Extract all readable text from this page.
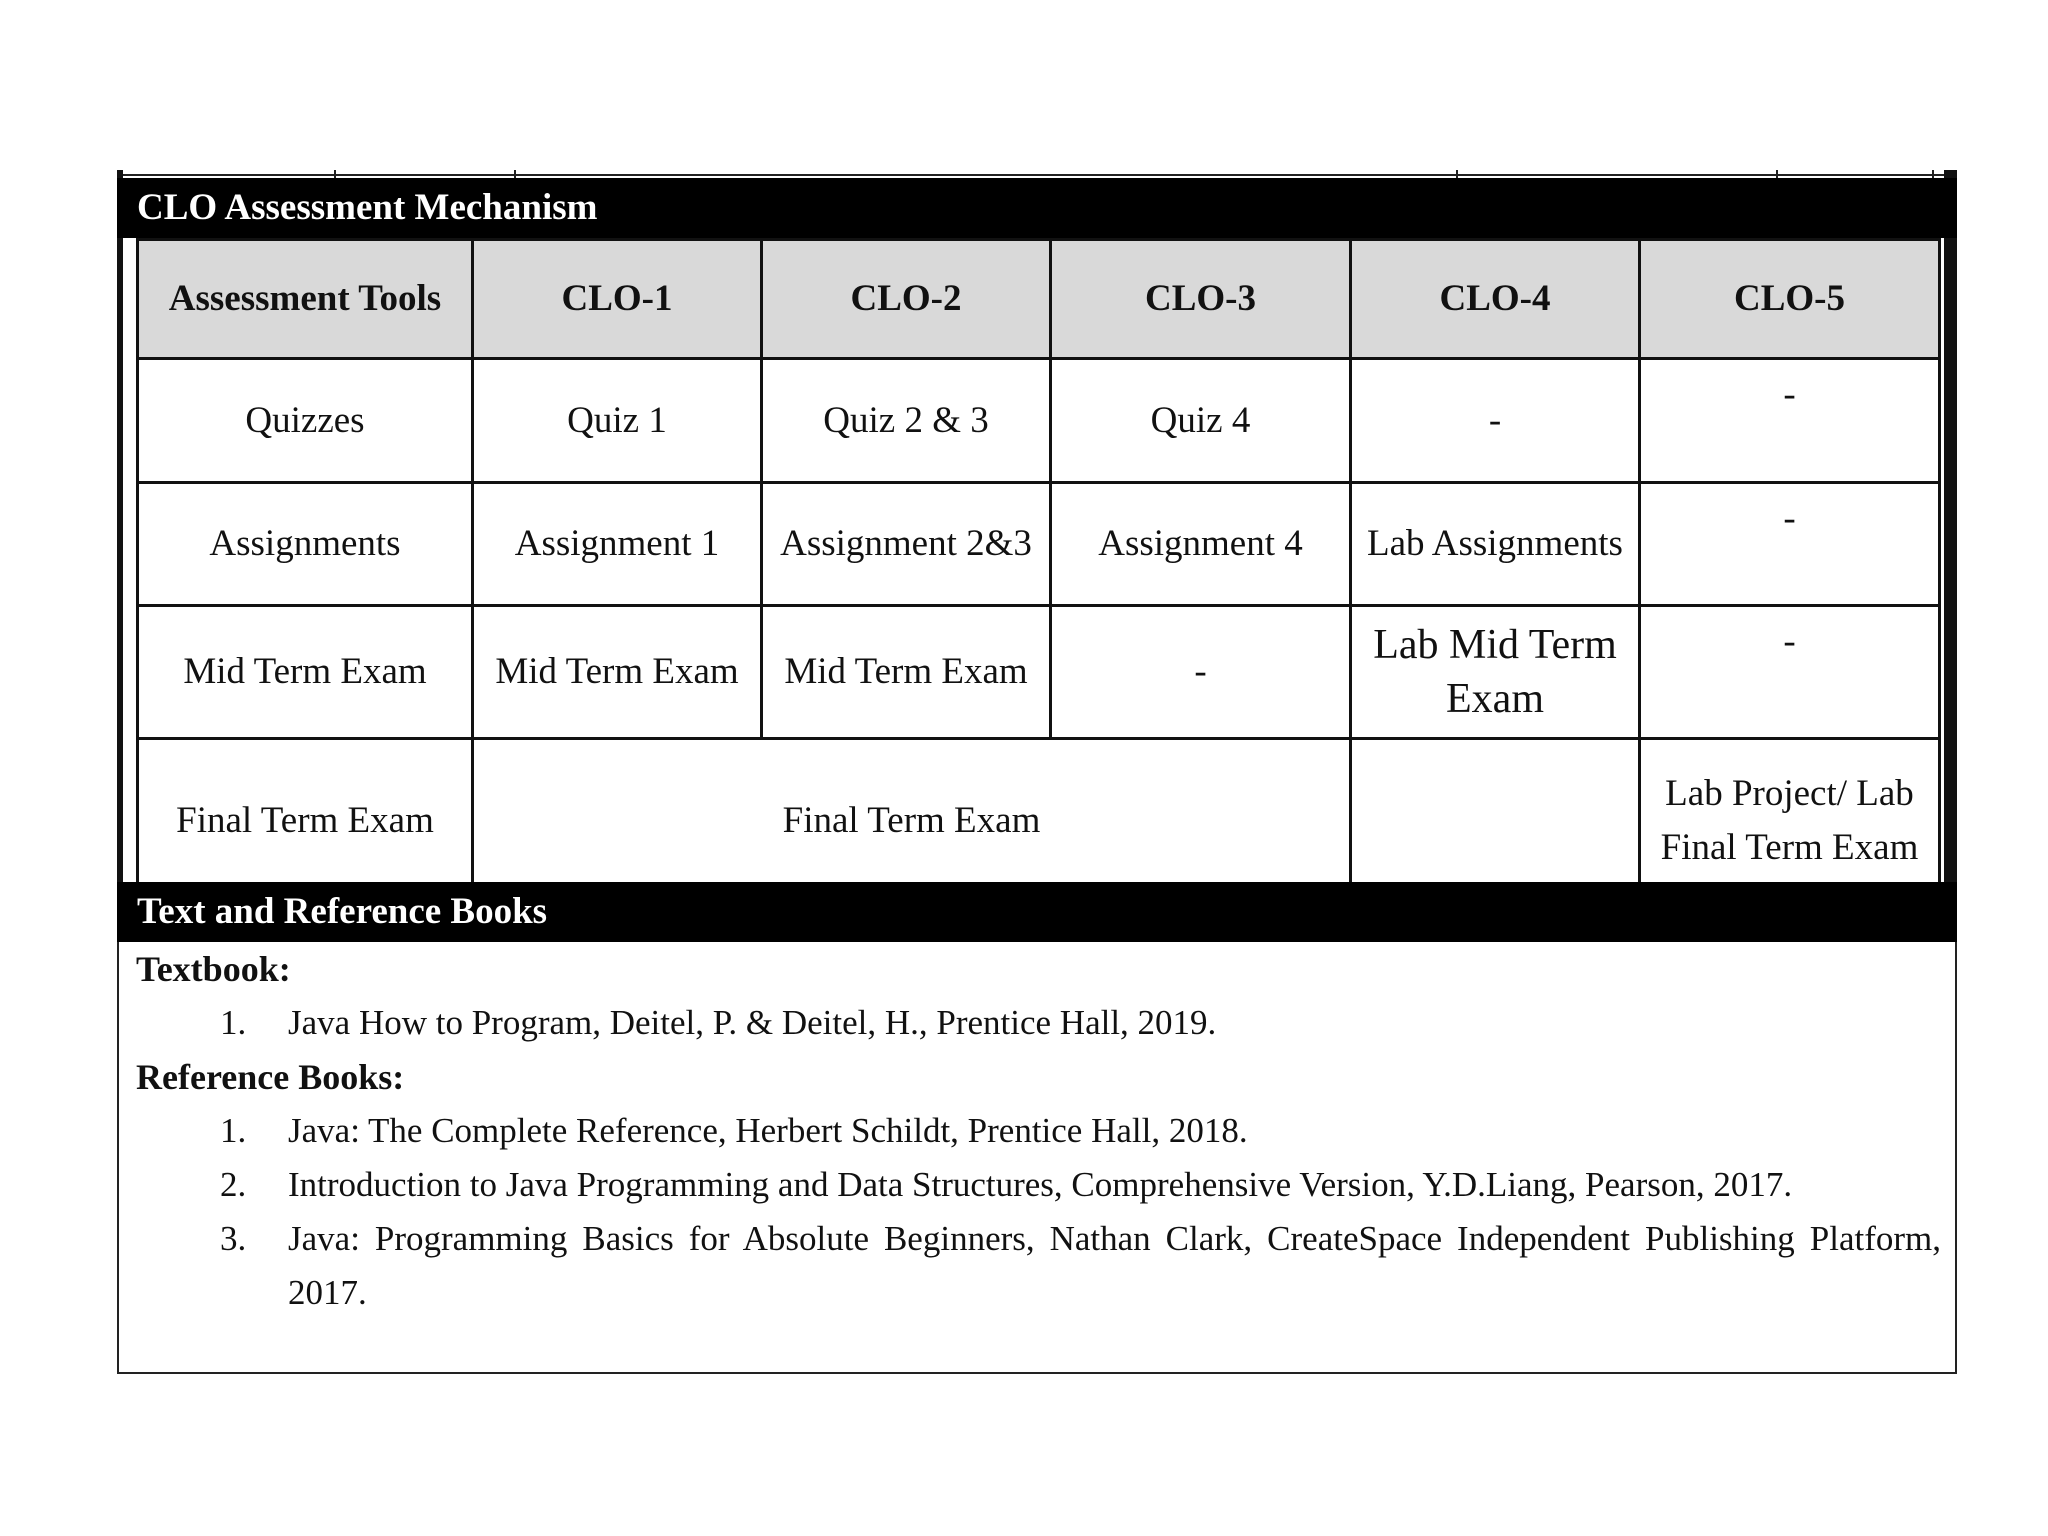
CLO Assessment Mechanism
Assessment Tools	CLO-1	CLO-2	CLO-3	CLO-4	CLO-5
Quizzes	Quiz 1	Quiz 2 & 3	Quiz 4	-	-
Assignments	Assignment 1	Assignment 2&3	Assignment 4	Lab Assignments	-
Mid Term Exam	Mid Term Exam	Mid Term Exam	-	Lab Mid Term Exam	-
Final Term Exam	Final Term Exam				Lab Project/ Lab Final Term Exam
Text and Reference Books
Textbook:
1.	Java How to Program, Deitel, P. & Deitel, H., Prentice Hall, 2019.
Reference Books:
1.	Java: The Complete Reference, Herbert Schildt, Prentice Hall, 2018.
2.	Introduction to Java Programming and Data Structures, Comprehensive Version, Y.D.Liang, Pearson, 2017.
3.	Java: Programming Basics for Absolute Beginners, Nathan Clark, CreateSpace Independent Publishing Platform, 2017.
